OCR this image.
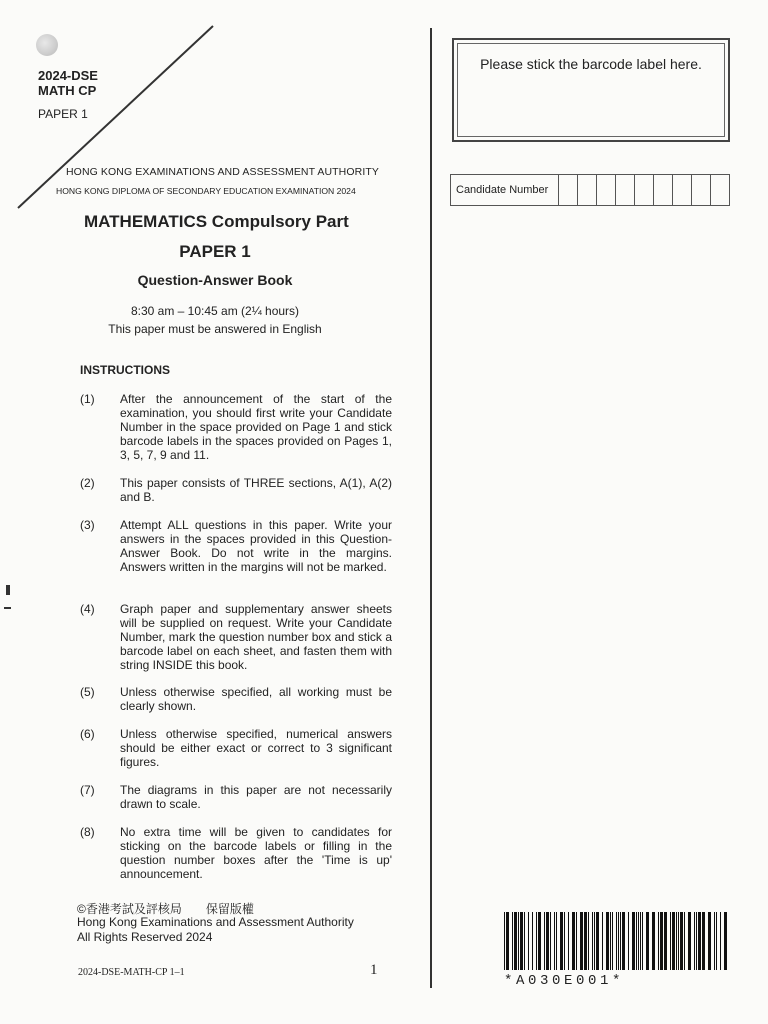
2024-DSE
MATH CP
PAPER 1
HONG KONG EXAMINATIONS AND ASSESSMENT AUTHORITY
HONG KONG DIPLOMA OF SECONDARY EDUCATION EXAMINATION 2024
MATHEMATICS Compulsory Part
PAPER 1
Question-Answer Book
8:30 am – 10:45 am (2¼ hours)
This paper must be answered in English
INSTRUCTIONS
(1) After the announcement of the start of the examination, you should first write your Candidate Number in the space provided on Page 1 and stick barcode labels in the spaces provided on Pages 1, 3, 5, 7, 9 and 11.
(2) This paper consists of THREE sections, A(1), A(2) and B.
(3) Attempt ALL questions in this paper. Write your answers in the spaces provided in this Question-Answer Book. Do not write in the margins. Answers written in the margins will not be marked.
(4) Graph paper and supplementary answer sheets will be supplied on request. Write your Candidate Number, mark the question number box and stick a barcode label on each sheet, and fasten them with string INSIDE this book.
(5) Unless otherwise specified, all working must be clearly shown.
(6) Unless otherwise specified, numerical answers should be either exact or correct to 3 significant figures.
(7) The diagrams in this paper are not necessarily drawn to scale.
(8) No extra time will be given to candidates for sticking on the barcode labels or filling in the question number boxes after the 'Time is up' announcement.
©香港考試及評核局　　保留版權
Hong Kong Examinations and Assessment Authority
All Rights Reserved 2024
2024-DSE-MATH-CP 1–1	1
Please stick the barcode label here.
Candidate Number
*A030E001*
